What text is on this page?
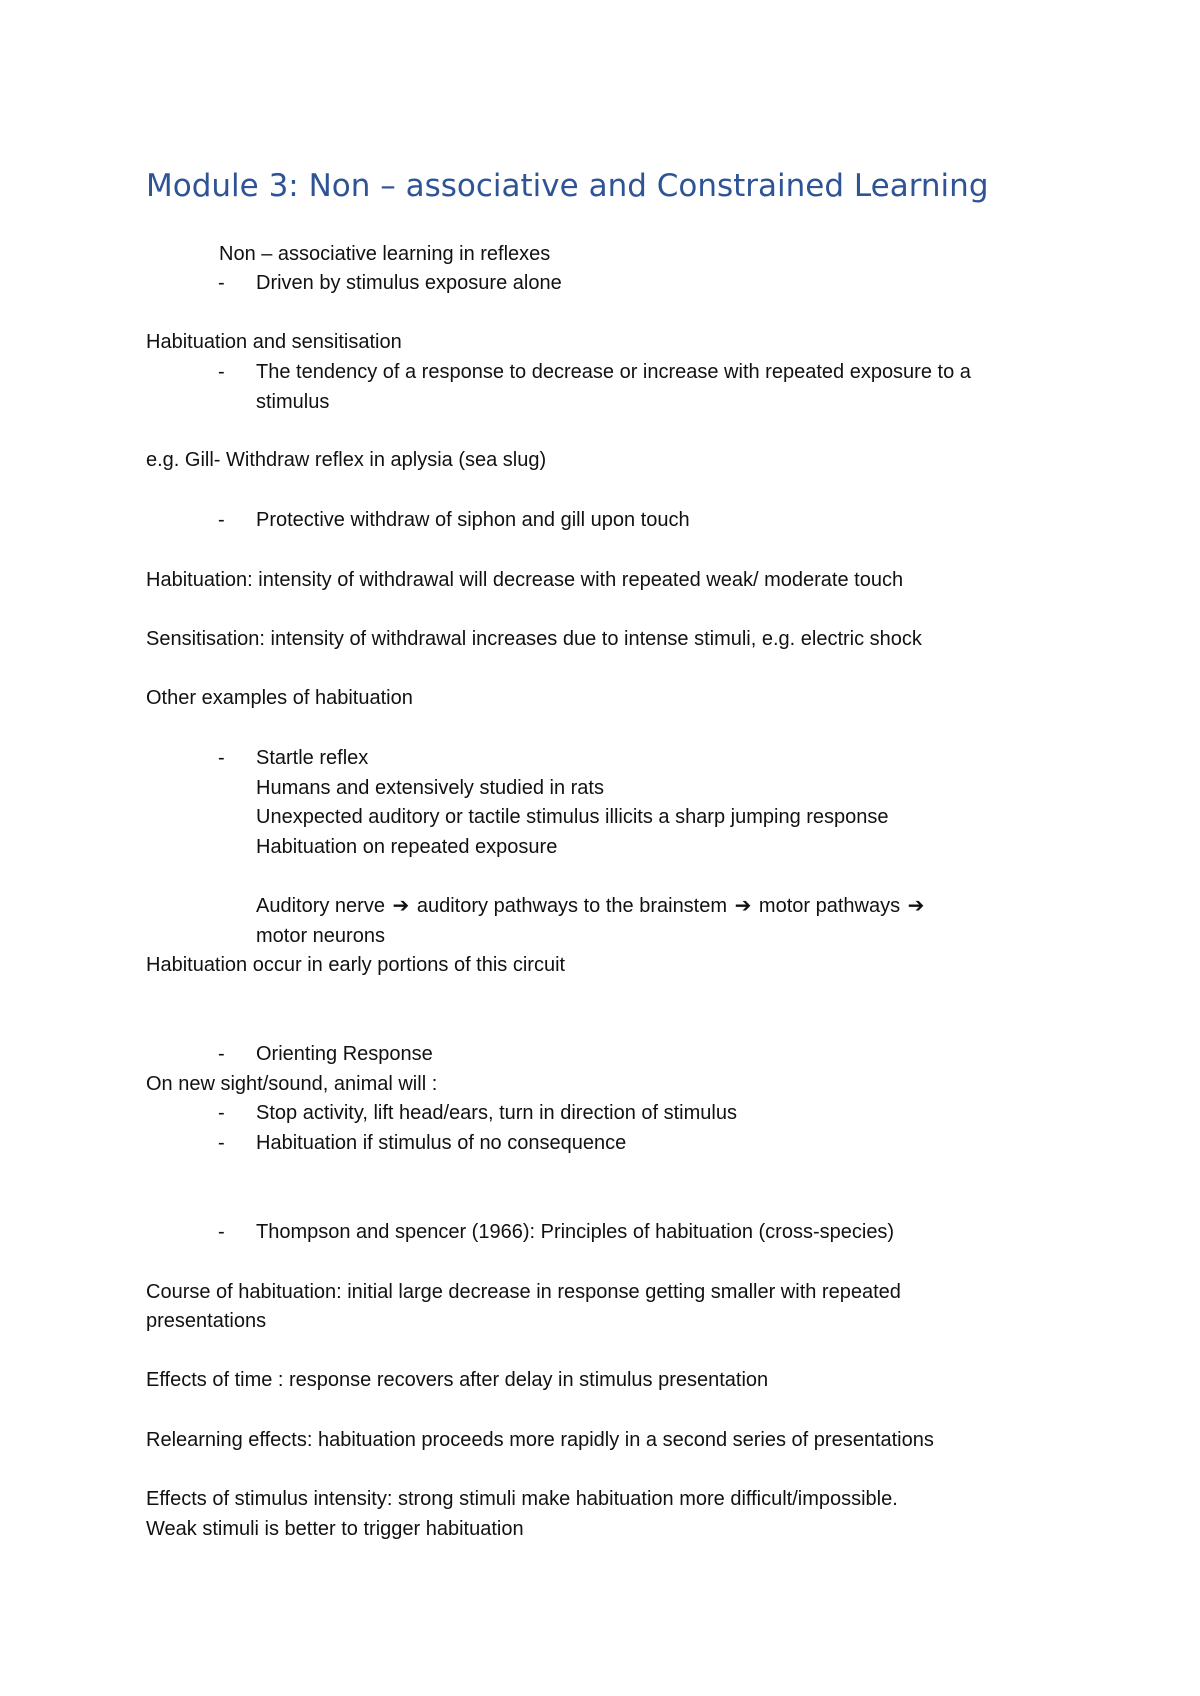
Module 3: Non – associative and Constrained Learning
Non – associative learning in reflexes
- Driven by stimulus exposure alone
Habituation and sensitisation
- The tendency of a response to decrease or increase with repeated exposure to a
stimulus
e.g. Gill- Withdraw reflex in aplysia (sea slug)
- Protective withdraw of siphon and gill upon touch
Habituation: intensity of withdrawal will decrease with repeated weak/ moderate touch
Sensitisation: intensity of withdrawal increases due to intense stimuli, e.g. electric shock
Other examples of habituation
- Startle reflex
Humans and extensively studied in rats
Unexpected auditory or tactile stimulus illicits a sharp jumping response
Habituation on repeated exposure
Auditory nerve ➔ auditory pathways to the brainstem ➔ motor pathways ➔
motor neurons
Habituation occur in early portions of this circuit
- Orienting Response
On new sight/sound, animal will :
- Stop activity, lift head/ears, turn in direction of stimulus
- Habituation if stimulus of no consequence
- Thompson and spencer (1966): Principles of habituation (cross-species)
Course of habituation: initial large decrease in response getting smaller with repeated
presentations
Effects of time : response recovers after delay in stimulus presentation
Relearning effects: habituation proceeds more rapidly in a second series of presentations
Effects of stimulus intensity: strong stimuli make habituation more difficult/impossible.
Weak stimuli is better to trigger habituation
